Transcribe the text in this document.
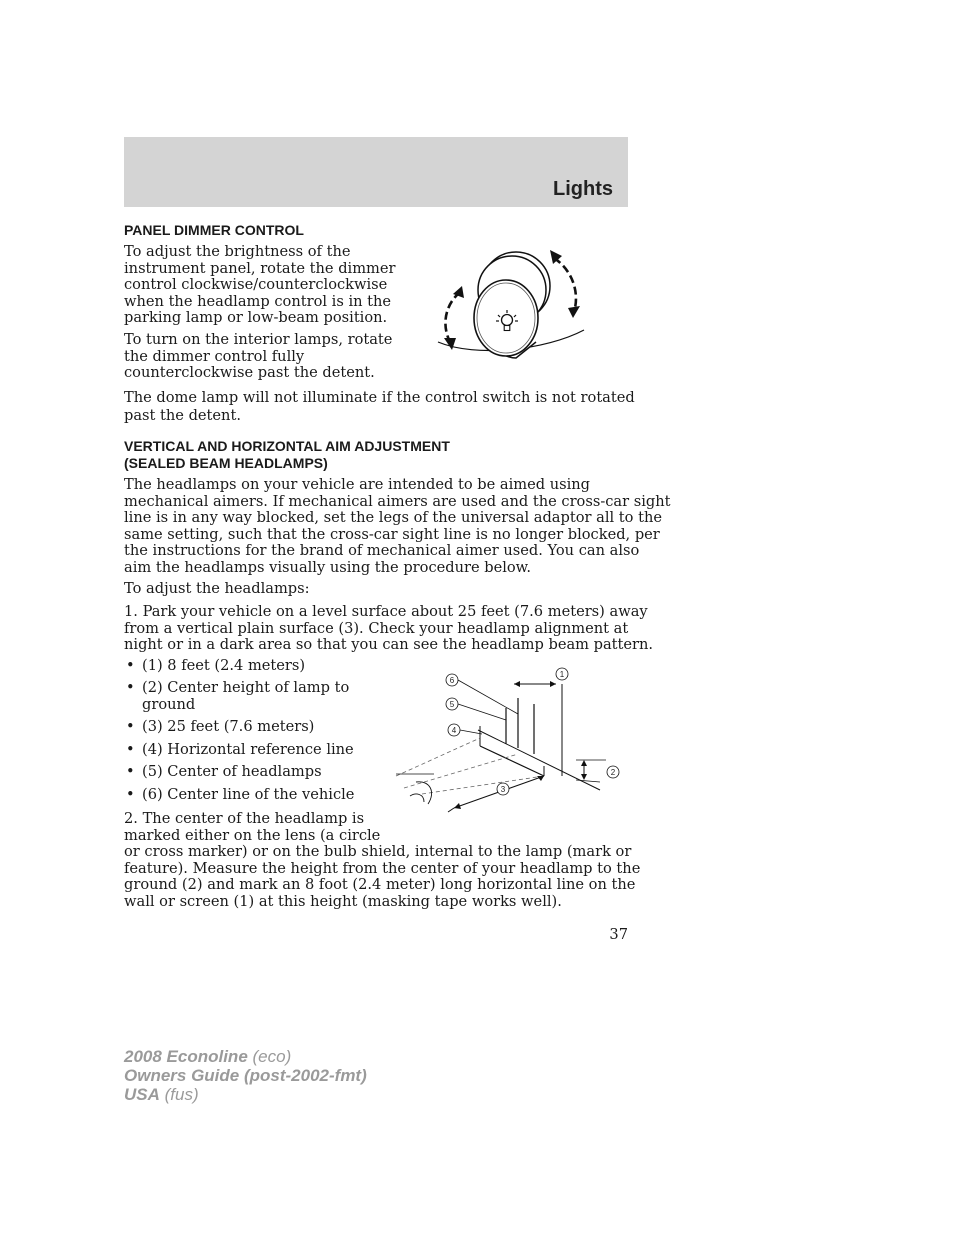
Lights
PANEL DIMMER CONTROL

To adjust the brightness of the
instrument panel, rotate the dimmer
control clockwise/counterclockwise
when the headlamp control is in the
parking lamp or low-beam position.

To turn on the interior lamps, rotate
the dimmer control fully
counterclockwise past the detent.

The dome lamp will not illuminate if the control switch is not rotated
past the detent.

VERTICAL AND HORIZONTAL AIM ADJUSTMENT
(SEALED BEAM HEADLAMPS)

The headlamps on your vehicle are intended to be aimed using
mechanical aimers. If mechanical aimers are used and the cross-car sight
line is in any way blocked, set the legs of the universal adaptor all to the
same setting, such that the cross-car sight line is no longer blocked, per
the instructions for the brand of mechanical aimer used. You can also
aim the headlamps visually using the procedure below.

To adjust the headlamps:

1. Park your vehicle on a level surface about 25 feet (7.6 meters) away
from a vertical plain surface (3). Check your headlamp alignment at
night or in a dark area so that you can see the headlamp beam pattern.

• (1) 8 feet (2.4 meters)
• (2) Center height of lamp to ground
• (3) 25 feet (7.6 meters)
• (4) Horizontal reference line
• (5) Center of headlamps
• (6) Center line of the vehicle

2. The center of the headlamp is
marked either on the lens (a circle
or cross marker) or on the bulb shield, internal to the lamp (mark or
feature). Measure the height from the center of your headlamp to the
ground (2) and mark an 8 foot (2.4 meter) long horizontal line on the
wall or screen (1) at this height (masking tape works well).

1
2
3
4
5
6
37
2008 Econoline (eco)
Owners Guide (post-2002-fmt)
USA (fus)
